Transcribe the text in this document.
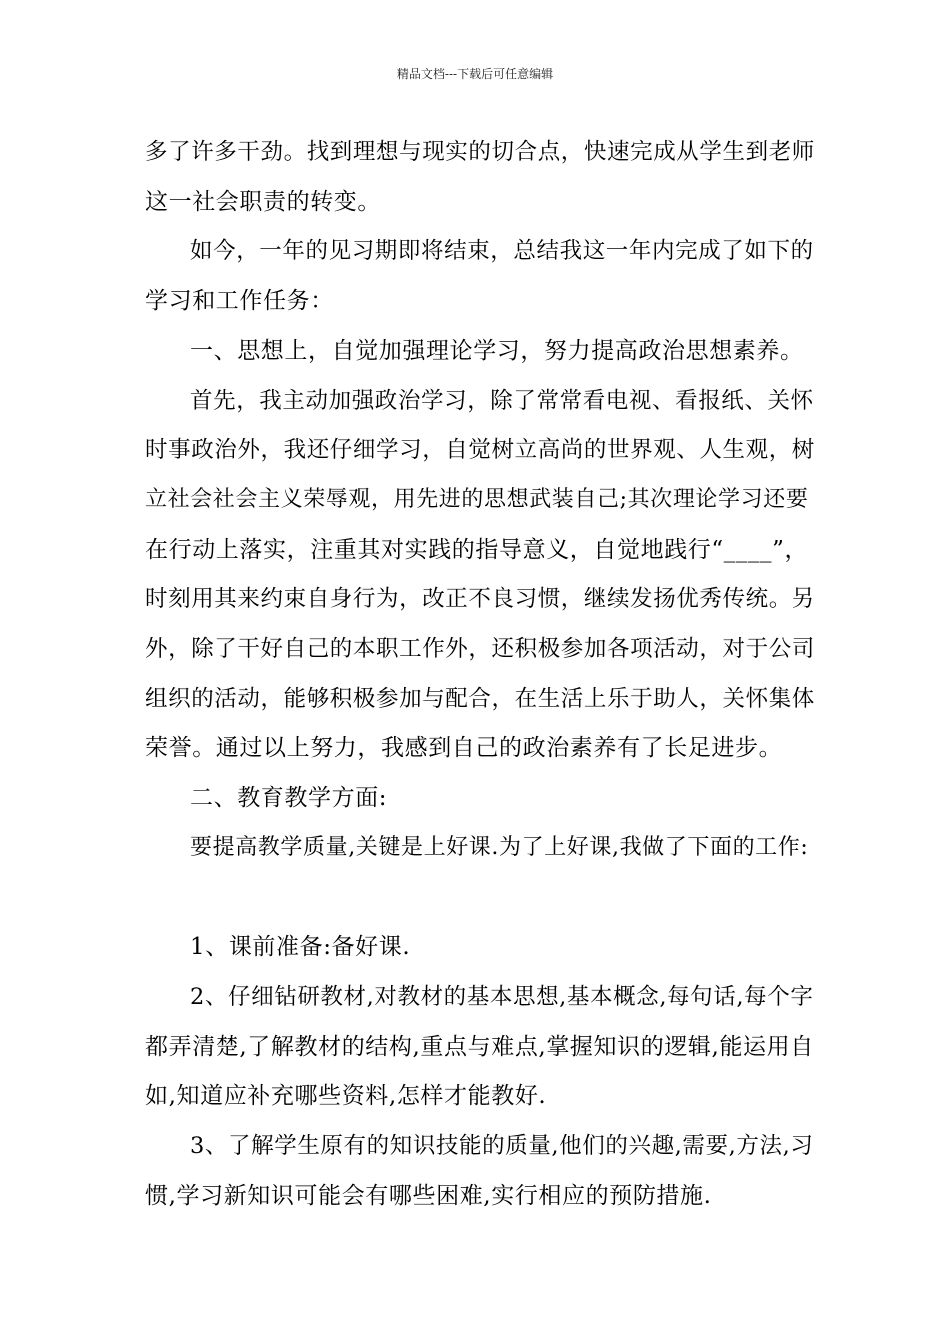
精品文档---下载后可任意编辑
多了许多干劲。找到理想与现实的切合点，快速完成从学生到老师
这一社会职责的转变。
如今，一年的见习期即将结束，总结我这一年内完成了如下的
学习和工作任务：
一、思想上，自觉加强理论学习，努力提高政治思想素养。
首先，我主动加强政治学习，除了常常看电视、看报纸、关怀
时事政治外，我还仔细学习，自觉树立高尚的世界观、人生观，树
立社会社会主义荣辱观，用先进的思想武装自己;其次理论学习还要
在行动上落实，注重其对实践的指导意义，自觉地践行“____”，
时刻用其来约束自身行为，改正不良习惯，继续发扬优秀传统。另
外，除了干好自己的本职工作外，还积极参加各项活动，对于公司
组织的活动，能够积极参加与配合，在生活上乐于助人，关怀集体
荣誉。通过以上努力，我感到自己的政治素养有了长足进步。
二、教育教学方面:
要提高教学质量,关键是上好课.为了上好课,我做了下面的工作:
1、课前准备:备好课.
2、仔细钻研教材,对教材的基本思想,基本概念,每句话,每个字
都弄清楚,了解教材的结构,重点与难点,掌握知识的逻辑,能运用自
如,知道应补充哪些资料,怎样才能教好.
3、了解学生原有的知识技能的质量,他们的兴趣,需要,方法,习
惯,学习新知识可能会有哪些困难,实行相应的预防措施.
